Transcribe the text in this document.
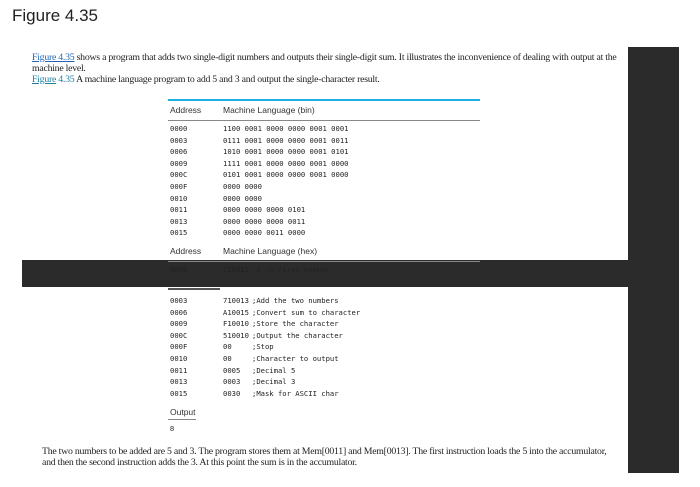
Figure 4.35
Figure 4.35 shows a program that adds two single-digit numbers and outputs their single-digit sum. It illustrates the inconvenience of dealing with output at the machine level.
Figure 4.35 A machine language program to add 5 and 3 and output the single-character result.
Address	Machine Language (bin)
0000	1100 0001 0000 0000 0001 0001
0003	0111 0001 0000 0000 0001 0011
0006	1010 0001 0000 0000 0001 0101
0009	1111 0001 0000 0000 0001 0000
000C	0101 0001 0000 0000 0001 0000
000F	0000 0000
0010	0000 0000
0011	0000 0000 0000 0101
0013	0000 0000 0000 0011
0015	0000 0000 0011 0000
Address	Machine Language (hex)
0000	C10011 ;A := first number
0003	710013 ;Add the two numbers
0006	A10015 ;Convert sum to character
0009	F10010 ;Store the character
000C	510010 ;Output the character
000F	00	;Stop
0010	00	;Character to output
0011	0005 ;Decimal 5
0013	0003 ;Decimal 3
0015	0030 ;Mask for ASCII char
Output
8
The two numbers to be added are 5 and 3. The program stores them at Mem[0011] and Mem[0013]. The first instruction loads the 5 into the accumulator, and then the second instruction adds the 3. At this point the sum is in the accumulator.
